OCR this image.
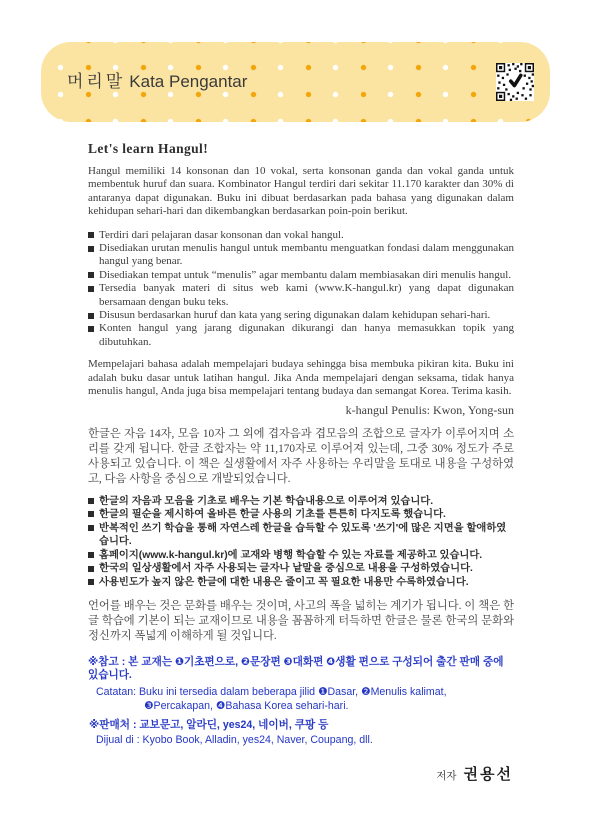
머리말 Kata Pengantar
Let's learn Hangul!

Hangul memiliki 14 konsonan dan 10 vokal, serta konsonan ganda dan vokal ganda untuk membentuk huruf dan suara. Kombinator Hangul terdiri dari sekitar 11.170 karakter dan 30% di antaranya dapat digunakan. Buku ini dibuat berdasarkan pada bahasa yang digunakan dalam kehidupan sehari-hari dan dikembangkan berdasarkan poin-poin berikut.

Terdiri dari pelajaran dasar konsonan dan vokal hangul.
Disediakan urutan menulis hangul untuk membantu menguatkan fondasi dalam menggunakan hangul yang benar.
Disediakan tempat untuk “menulis” agar membantu dalam membiasakan diri menulis hangul.
Tersedia banyak materi di situs web kami (www.K-hangul.kr) yang dapat digunakan bersamaan dengan buku teks.
Disusun berdasarkan huruf dan kata yang sering digunakan dalam kehidupan sehari-hari.
Konten hangul yang jarang digunakan dikurangi dan hanya memasukkan topik yang dibutuhkan.

Mempelajari bahasa adalah mempelajari budaya sehingga bisa membuka pikiran kita. Buku ini adalah buku dasar untuk latihan hangul. Jika Anda mempelajari dengan seksama, tidak hanya menulis hangul, Anda juga bisa mempelajari tentang budaya dan semangat Korea. Terima kasih.

k-hangul Penulis: Kwon, Yong-sun

한글은 자음 14자, 모음 10자 그 외에 겹자음과 겹모음의 조합으로 글자가 이루어지며 소리를 갖게 됩니다. 한글 조합자는 약 11,170자로 이루어져 있는데, 그중 30% 정도가 주로 사용되고 있습니다. 이 책은 실생활에서 자주 사용하는 우리말을 토대로 내용을 구성하였고, 다음 사항을 중심으로 개발되었습니다.

한글의 자음과 모음을 기초로 배우는 기본 학습내용으로 이루어져 있습니다.
한글의 필순을 제시하여 올바른 한글 사용의 기초를 튼튼히 다지도록 했습니다.
반복적인 쓰기 학습을 통해 자연스레 한글을 습득할 수 있도록 '쓰기'에 많은 지면을 할애하였습니다.
홈페이지(www.k-hangul.kr)에 교재와 병행 학습할 수 있는 자료를 제공하고 있습니다.
한국의 일상생활에서 자주 사용되는 글자나 낱말을 중심으로 내용을 구성하였습니다.
사용빈도가 높지 않은 한글에 대한 내용은 줄이고 꼭 필요한 내용만 수록하였습니다.

언어를 배우는 것은 문화를 배우는 것이며, 사고의 폭을 넓히는 계기가 됩니다. 이 책은 한글 학습에 기본이 되는 교재이므로 내용을 꼼꼼하게 터득하면 한글은 물론 한국의 문화와 정신까지 폭넓게 이해하게 될 것입니다.

※참고 : 본 교재는 ❶기초편으로, ❷문장편 ❸대화편 ❹생활 편으로 구성되어 출간 판매 중에 있습니다.

Catatan: Buku ini tersedia dalam beberapa jilid ❶Dasar, ❷Menulis kalimat,

❸Percakapan, ❹Bahasa Korea sehari-hari.

※판매처 : 교보문고, 알라딘, yes24, 네이버, 쿠팡 등

Dijual di : Kyobo Book, Alladin, yes24, Naver, Coupang, dll.

저자 권용선
